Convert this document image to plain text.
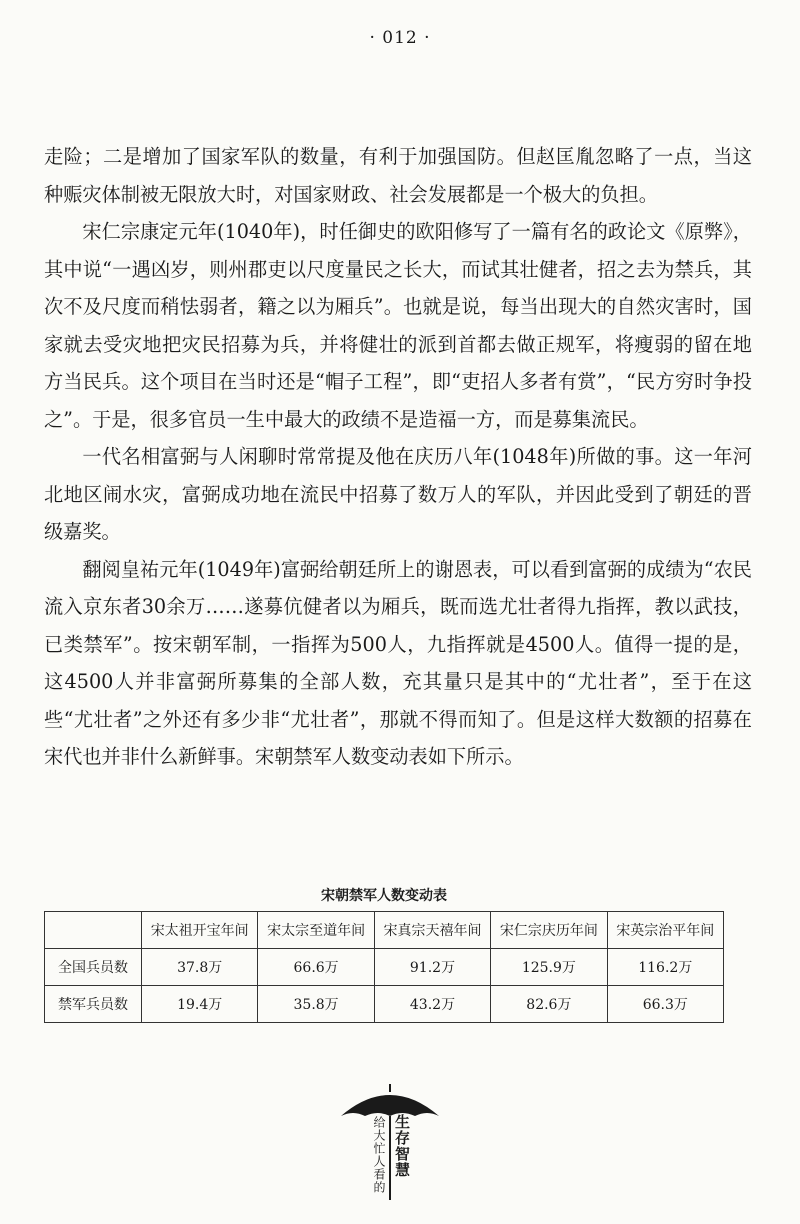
· 012 ·

走险；二是增加了国家军队的数量，有利于加强国防。但赵匡胤忽略了一点，当这种赈灾体制被无限放大时，对国家财政、社会发展都是一个极大的负担。

宋仁宗康定元年(1040年)，时任御史的欧阳修写了一篇有名的政论文《原弊》，其中说“一遇凶岁，则州郡吏以尺度量民之长大，而试其壮健者，招之去为禁兵，其次不及尺度而稍怯弱者，籍之以为厢兵”。也就是说，每当出现大的自然灾害时，国家就去受灾地把灾民招募为兵，并将健壮的派到首都去做正规军，将瘦弱的留在地方当民兵。这个项目在当时还是“帽子工程”，即“吏招人多者有赏”，“民方穷时争投之”。于是，很多官员一生中最大的政绩不是造福一方，而是募集流民。

一代名相富弼与人闲聊时常常提及他在庆历八年(1048年)所做的事。这一年河北地区闹水灾，富弼成功地在流民中招募了数万人的军队，并因此受到了朝廷的晋级嘉奖。

翻阅皇祐元年(1049年)富弼给朝廷所上的谢恩表，可以看到富弼的成绩为“农民流入京东者30余万……遂募伉健者以为厢兵，既而选尤壮者得九指挥，教以武技，已类禁军”。按宋朝军制，一指挥为500人，九指挥就是4500人。值得一提的是，这4500人并非富弼所募集的全部人数，充其量只是其中的“尤壮者”，至于在这些“尤壮者”之外还有多少非“尤壮者”，那就不得而知了。但是这样大数额的招募在宋代也并非什么新鲜事。宋朝禁军人数变动表如下所示。

宋朝禁军人数变动表
	宋太祖开宝年间	宋太宗至道年间	宋真宗天禧年间	宋仁宗庆历年间	宋英宗治平年间
全国兵员数	37.8万	66.6万	91.2万	125.9万	116.2万
禁军兵员数	19.4万	35.8万	43.2万	82.6万	66.3万
给大忙人看的 生存智慧
